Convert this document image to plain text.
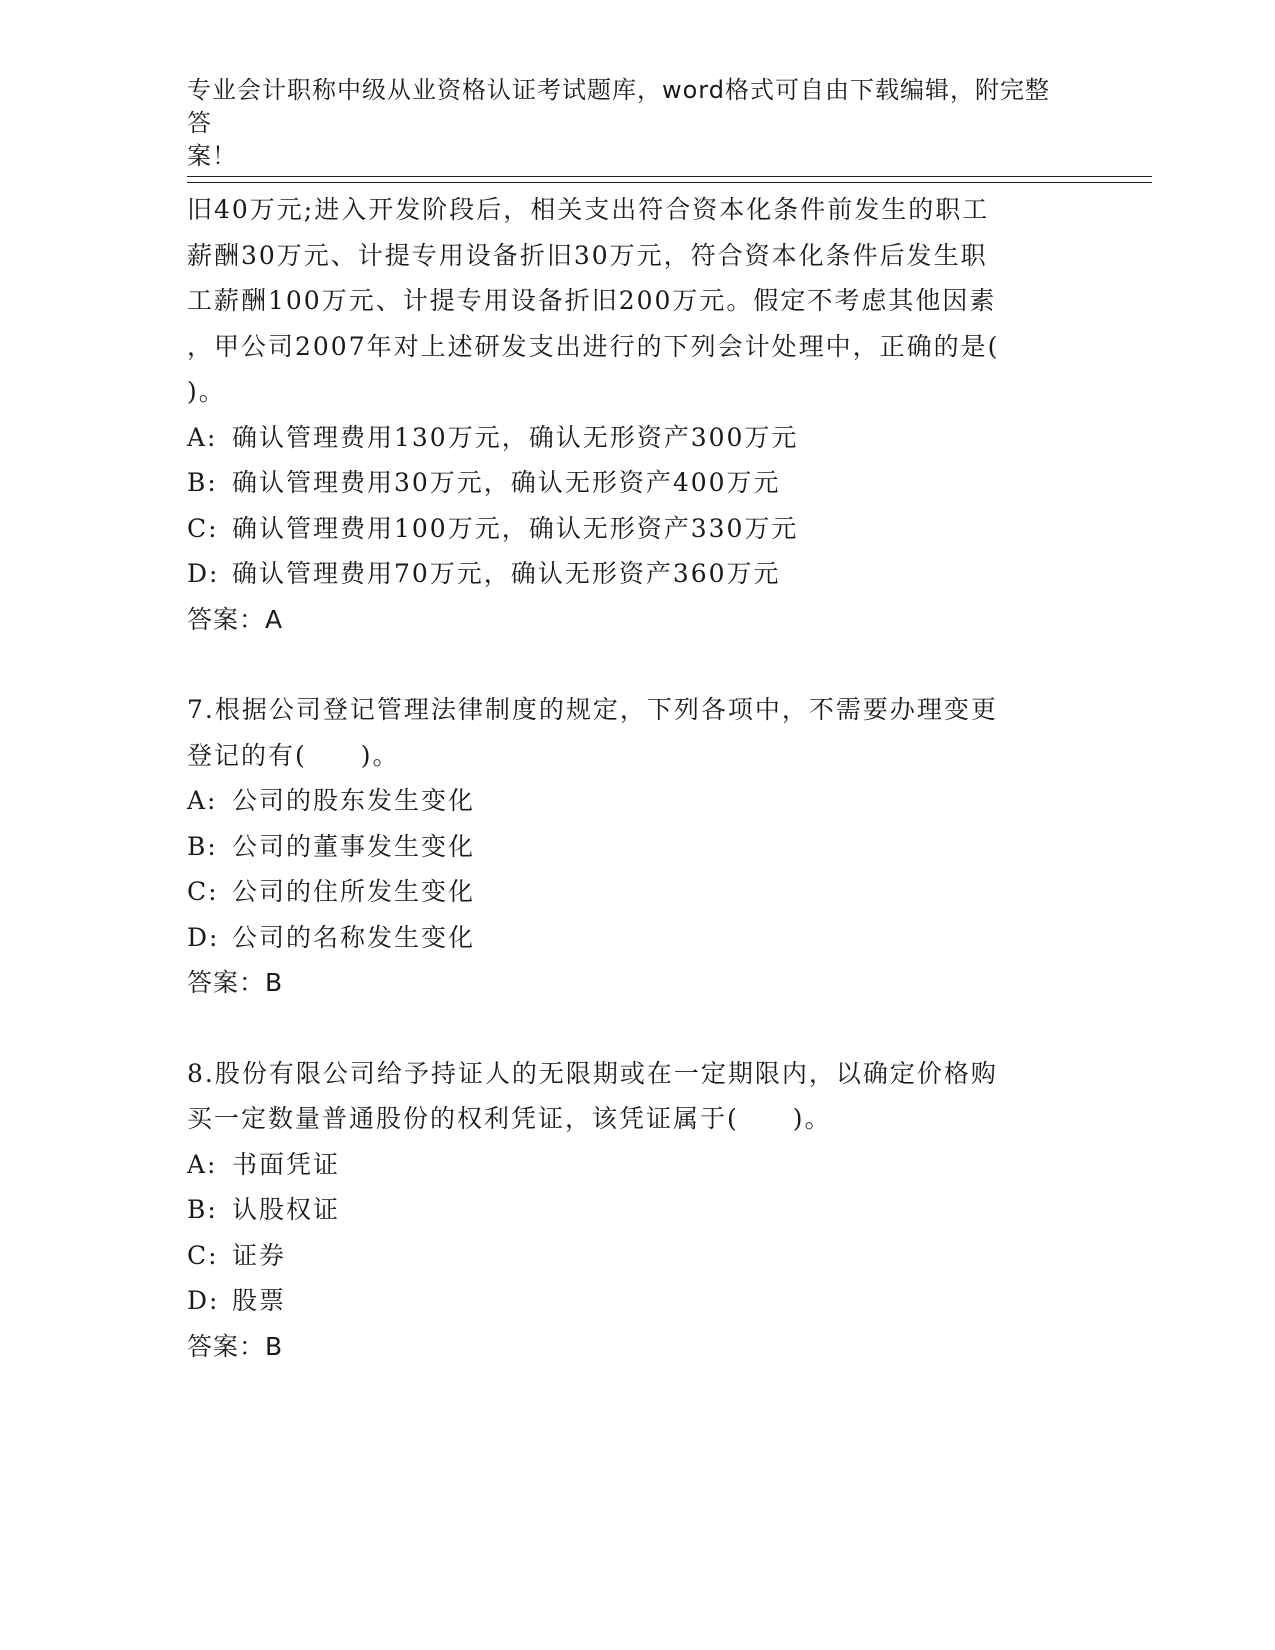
专业会计职称中级从业资格认证考试题库，word格式可自由下载编辑，附完整答
案！
旧40万元;进入开发阶段后，相关支出符合资本化条件前发生的职工
薪酬30万元、计提专用设备折旧30万元，符合资本化条件后发生职
工薪酬100万元、计提专用设备折旧200万元。假定不考虑其他因素
，甲公司2007年对上述研发支出进行的下列会计处理中，正确的是(
)。
A: 确认管理费用130万元，确认无形资产300万元
B: 确认管理费用30万元，确认无形资产400万元
C: 确认管理费用100万元，确认无形资产330万元
D: 确认管理费用70万元，确认无形资产360万元
答案：A
7.根据公司登记管理法律制度的规定，下列各项中，不需要办理变更
登记的有(　　)。
A: 公司的股东发生变化
B: 公司的董事发生变化
C: 公司的住所发生变化
D: 公司的名称发生变化
答案：B
8.股份有限公司给予持证人的无限期或在一定期限内，以确定价格购
买一定数量普通股份的权利凭证，该凭证属于(　　)。
A: 书面凭证
B: 认股权证
C: 证券
D: 股票
答案：B
